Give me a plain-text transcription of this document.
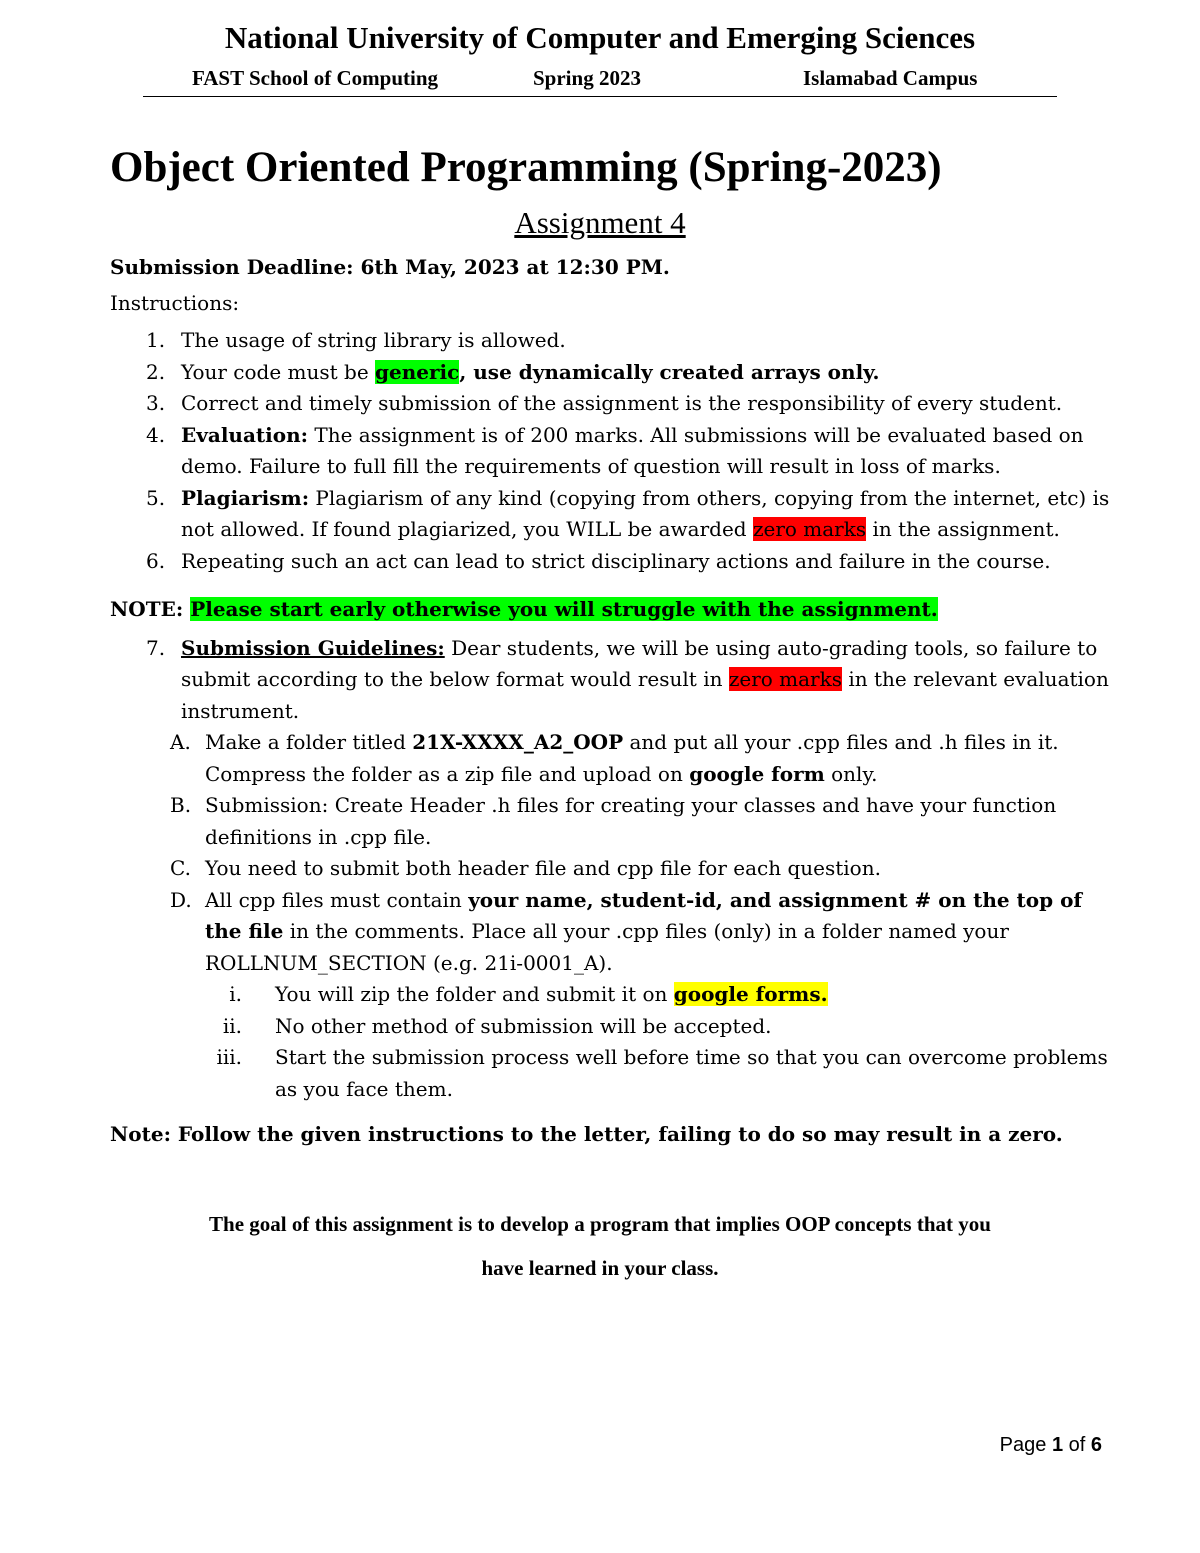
National University of Computer and Emerging Sciences
FAST School of Computing	Spring 2023	Islamabad Campus
Object Oriented Programming (Spring-2023)
Assignment 4

Submission Deadline: 6th May, 2023 at 12:30 PM.

Instructions:

1. The usage of string library is allowed.
2. Your code must be generic, use dynamically created arrays only.
3. Correct and timely submission of the assignment is the responsibility of every student.
4. Evaluation: The assignment is of 200 marks. All submissions will be evaluated based on demo. Failure to full fill the requirements of question will result in loss of marks.
5. Plagiarism: Plagiarism of any kind (copying from others, copying from the internet, etc) is not allowed. If found plagiarized, you WILL be awarded zero marks in the assignment.
6. Repeating such an act can lead to strict disciplinary actions and failure in the course.

NOTE: Please start early otherwise you will struggle with the assignment.

7. Submission Guidelines: Dear students, we will be using auto-grading tools, so failure to submit according to the below format would result in zero marks in the relevant evaluation instrument.
A. Make a folder titled 21X-XXXX_A2_OOP and put all your .cpp files and .h files in it. Compress the folder as a zip file and upload on google form only.
B. Submission: Create Header .h files for creating your classes and have your function definitions in .cpp file.
C. You need to submit both header file and cpp file for each question.
D. All cpp files must contain your name, student-id, and assignment # on the top of the file in the comments. Place all your .cpp files (only) in a folder named your ROLLNUM_SECTION (e.g. 21i-0001_A).
i. You will zip the folder and submit it on google forms.
ii. No other method of submission will be accepted.
iii. Start the submission process well before time so that you can overcome problems as you face them.

Note: Follow the given instructions to the letter, failing to do so may result in a zero.

The goal of this assignment is to develop a program that implies OOP concepts that you
have learned in your class.
Page 1 of 6
